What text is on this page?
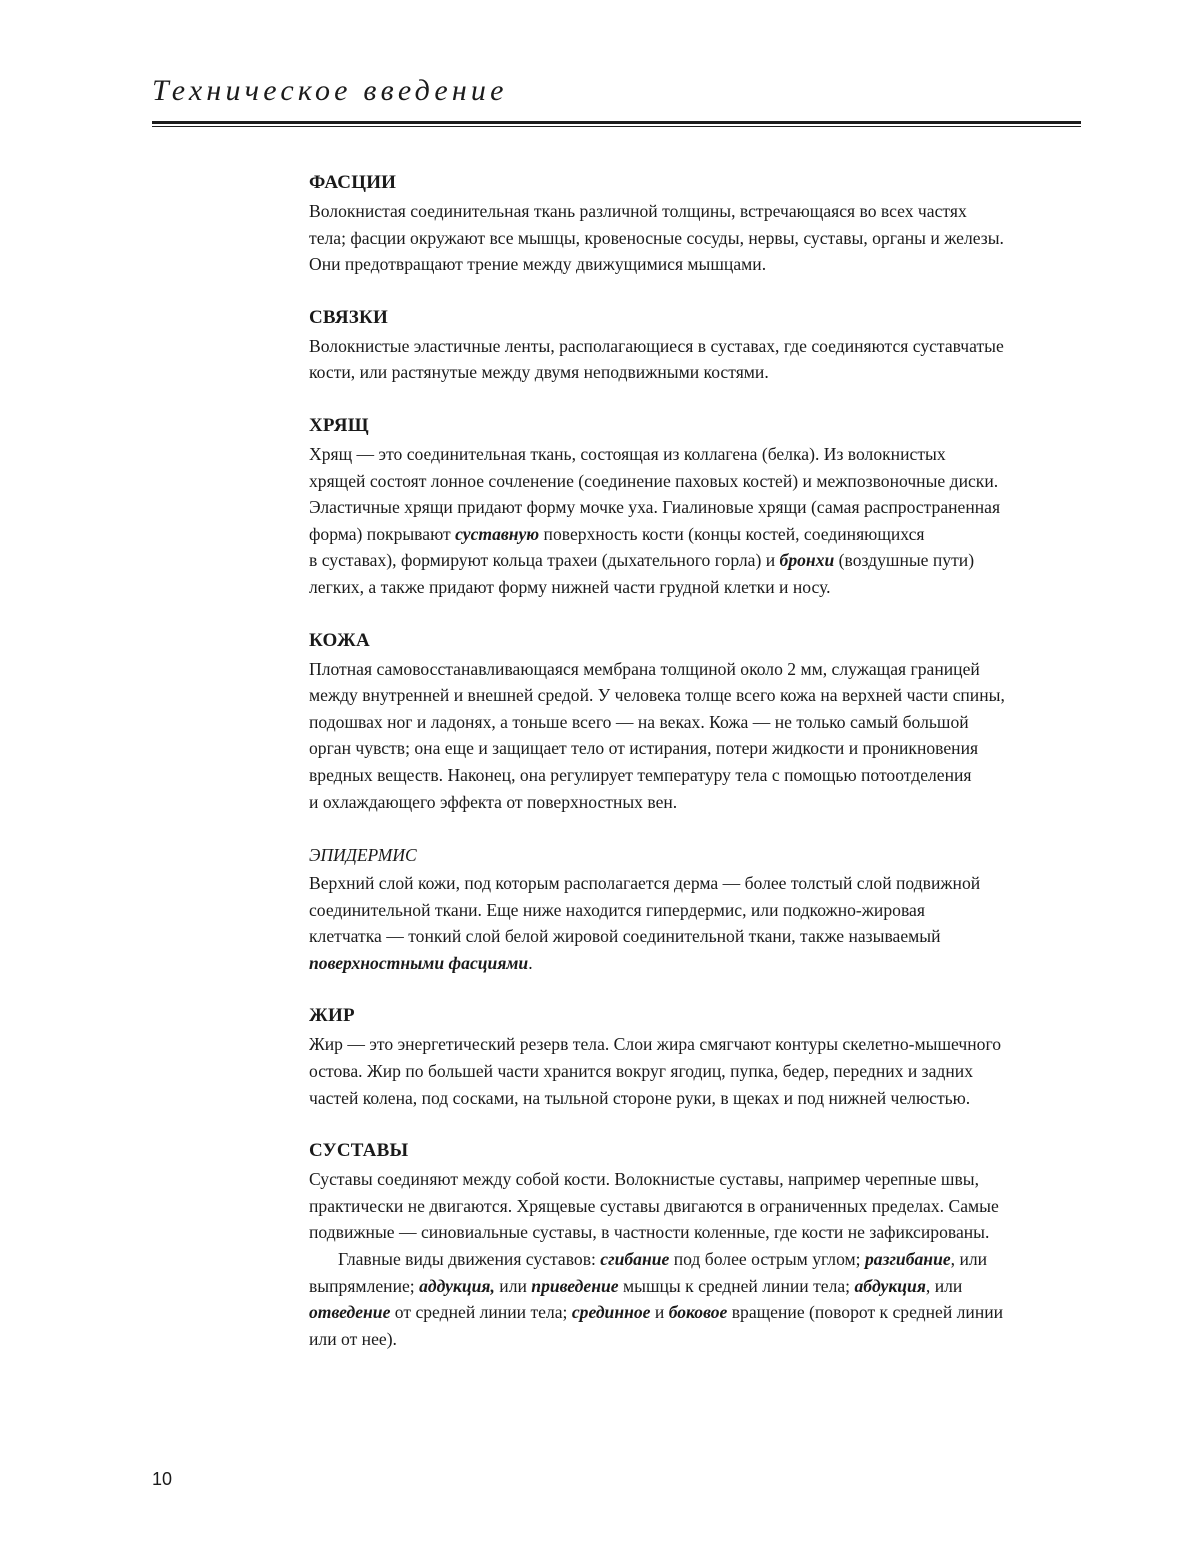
Техническое введение
ФАСЦИИ

Волокнистая соединительная ткань различной толщины, встречающаяся во всех частях
тела; фасции окружают все мышцы, кровеносные сосуды, нервы, суставы, органы и железы.
Они предотвращают трение между движущимися мышцами.

СВЯЗКИ

Волокнистые эластичные ленты, располагающиеся в суставах, где соединяются суставчатые
кости, или растянутые между двумя неподвижными костями.

ХРЯЩ

Хрящ — это соединительная ткань, состоящая из коллагена (белка). Из волокнистых
хрящей состоят лонное сочленение (соединение паховых костей) и межпозвоночные диски.
Эластичные хрящи придают форму мочке уха. Гиалиновые хрящи (самая распространенная
форма) покрывают суставную поверхность кости (концы костей, соединяющихся
в суставах), формируют кольца трахеи (дыхательного горла) и бронхи (воздушные пути)
легких, а также придают форму нижней части грудной клетки и носу.

КОЖА

Плотная самовосстанавливающаяся мембрана толщиной около 2 мм, служащая границей
между внутренней и внешней средой. У человека толще всего кожа на верхней части спины,
подошвах ног и ладонях, а тоньше всего — на веках. Кожа — не только самый большой
орган чувств; она еще и защищает тело от истирания, потери жидкости и проникновения
вредных веществ. Наконец, она регулирует температуру тела с помощью потоотделения
и охлаждающего эффекта от поверхностных вен.

ЭПИДЕРМИС

Верхний слой кожи, под которым располагается дерма — более толстый слой подвижной
соединительной ткани. Еще ниже находится гипердермис, или подкожно-жировая
клетчатка — тонкий слой белой жировой соединительной ткани, также называемый
поверхностными фасциями.

ЖИР

Жир — это энергетический резерв тела. Слои жира смягчают контуры скелетно-мышечного
остова. Жир по большей части хранится вокруг ягодиц, пупка, бедер, передних и задних
частей колена, под сосками, на тыльной стороне руки, в щеках и под нижней челюстью.

СУСТАВЫ

Суставы соединяют между собой кости. Волокнистые суставы, например черепные швы,
практически не двигаются. Хрящевые суставы двигаются в ограниченных пределах. Самые
подвижные — синовиальные суставы, в частности коленные, где кости не зафиксированы.

Главные виды движения суставов: сгибание под более острым углом; разгибание, или
выпрямление; аддукция, или приведение мышцы к средней линии тела; абдукция, или
отведение от средней линии тела; срединное и боковое вращение (поворот к средней линии
или от нее).

10
